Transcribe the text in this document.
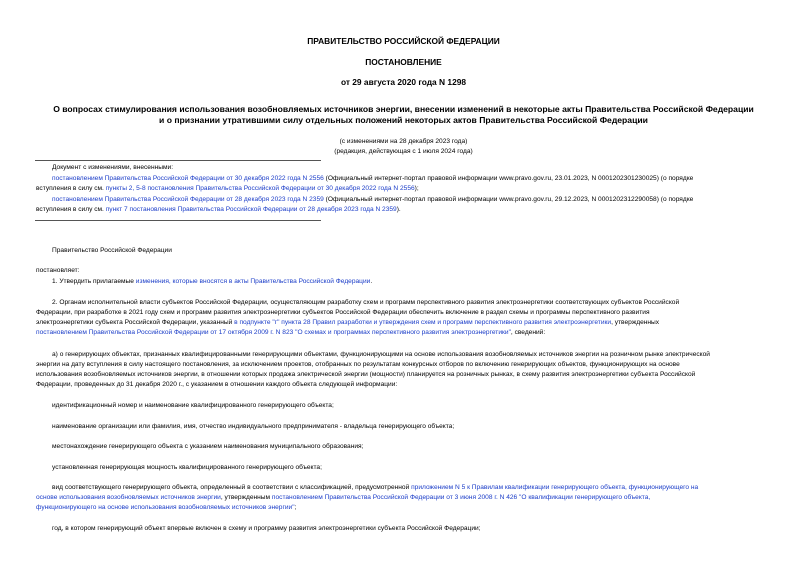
ПРАВИТЕЛЬСТВО РОССИЙСКОЙ ФЕДЕРАЦИИ
ПОСТАНОВЛЕНИЕ
от 29 августа 2020 года N 1298
О вопросах стимулирования использования возобновляемых источников энергии, внесении изменений в некоторые акты Правительства Российской Федерации
и о признании утратившими силу отдельных положений некоторых актов Правительства Российской Федерации
(с изменениями на 28 декабря 2023 года)
(редакция, действующая с 1 июля 2024 года)
Документ с изменениями, внесенными:
постановлением Правительства Российской Федерации от 30 декабря 2022 года N 2556 (Официальный интернет-портал правовой информации www.pravo.gov.ru, 23.01.2023, N 0001202301230025) (о порядке
вступления в силу см. пункты 2, 5-8 постановления Правительства Российской Федерации от 30 декабря 2022 года N 2556);
постановлением Правительства Российской Федерации от 28 декабря 2023 года N 2359 (Официальный интернет-портал правовой информации www.pravo.gov.ru, 29.12.2023, N 0001202312290058) (о порядке
вступления в силу см. пункт 7 постановления Правительства Российской Федерации от 28 декабря 2023 года N 2359).
Правительство Российской Федерации
постановляет:
1. Утвердить прилагаемые изменения, которые вносятся в акты Правительства Российской Федерации.
2. Органам исполнительной власти субъектов Российской Федерации, осуществляющим разработку схем и программ перспективного развития электроэнергетики соответствующих субъектов Российской
Федерации, при разработке в 2021 году схем и программ развития электроэнергетики субъектов Российской Федерации обеспечить включение в раздел схемы и программы перспективного развития
электроэнергетики субъекта Российской Федерации, указанный в подпункте "г" пункта 28 Правил разработки и утверждения схем и программ перспективного развития электроэнергетики, утвержденных
постановлением Правительства Российской Федерации от 17 октября 2009 г. N 823 "О схемах и программах перспективного развития электроэнергетики", сведений:
а) о генерирующих объектах, признанных квалифицированными генерирующими объектами, функционирующими на основе использования возобновляемых источников энергии на розничном рынке электрической
энергии на дату вступления в силу настоящего постановления, за исключением проектов, отобранных по результатам конкурсных отборов по включению генерирующих объектов, функционирующих на основе
использования возобновляемых источников энергии, в отношении которых продажа электрической энергии (мощности) планируется на розничных рынках, в схему развития электроэнергетики субъекта Российской
Федерации, проведенных до 31 декабря 2020 г., с указанием в отношении каждого объекта следующей информации:
идентификационный номер и наименование квалифицированного генерирующего объекта;
наименование организации или фамилия, имя, отчество индивидуального предпринимателя - владельца генерирующего объекта;
местонахождение генерирующего объекта с указанием наименования муниципального образования;
установленная генерирующая мощность квалифицированного генерирующего объекта;
вид соответствующего генерирующего объекта, определенный в соответствии с классификацией, предусмотренной приложением N 5 к Правилам квалификации генерирующего объекта, функционирующего на
основе использования возобновляемых источников энергии, утвержденным постановлением Правительства Российской Федерации от 3 июня 2008 г. N 426 "О квалификации генерирующего объекта,
функционирующего на основе использования возобновляемых источников энергии";
год, в котором генерирующий объект впервые включен в схему и программу развития электроэнергетики субъекта Российской Федерации;
